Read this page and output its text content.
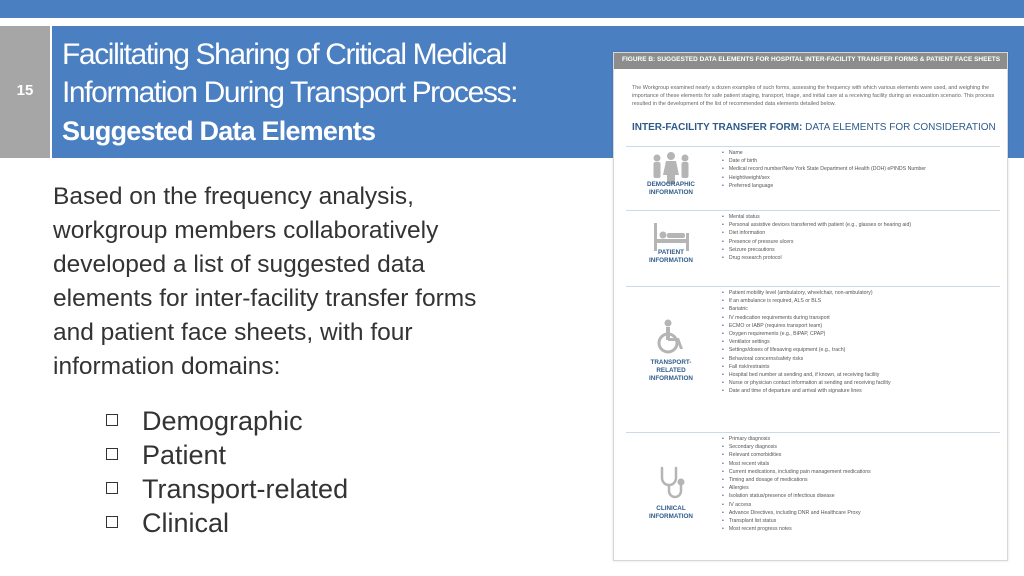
15
Facilitating Sharing of Critical Medical
Information During Transport Process:
Suggested Data Elements
Based on the frequency analysis,
workgroup members collaboratively
developed a list of suggested data
elements for inter-facility transfer forms
and patient face sheets, with four
information domains:
Demographic
Patient
Transport-related
Clinical
FIGURE B: SUGGESTED DATA ELEMENTS FOR HOSPITAL INTER-FACILITY TRANSFER FORMS & PATIENT FACE SHEETS
The Workgroup examined nearly a dozen examples of such forms, assessing the frequency with which various elements were used, and weighing the importance of these elements for safe patient staging, transport, triage, and initial care at a receiving facility during an evacuation scenario. This process resulted in the development of the list of recommended data elements detailed below.
INTER-FACILITY TRANSFER FORM: DATA ELEMENTS FOR CONSIDERATION
DEMOGRAPHIC
INFORMATION
• Name
• Date of birth
• Medical record number/New York State Department of Health (DOH) ePINDS Number
• Height/weight/sex
• Preferred language
PATIENT
INFORMATION
• Mental status
• Personal assistive devices transferred with patient (e.g., glasses or hearing aid)
• Diet information
• Presence of pressure ulcers
• Seizure precautions
• Drug research protocol
TRANSPORT-
RELATED
INFORMATION
• Patient mobility level (ambulatory, wheelchair, non-ambulatory)
• If an ambulance is required, ALS or BLS
• Bariatric
• IV medication requirements during transport
• ECMO or IABP (requires transport team)
• Oxygen requirements (e.g., BiPAP, CPAP)
• Ventilator settings
• Settings/doses of lifesaving equipment (e.g., trach)
• Behavioral concerns/safety risks
• Fall risk/restraints
• Hospital bed number at sending and, if known, at receiving facility
• Nurse or physician contact information at sending and receiving facility
• Date and time of departure and arrival with signature lines
CLINICAL
INFORMATION
• Primary diagnosis
• Secondary diagnosis
• Relevant comorbidities
• Most recent vitals
• Current medications, including pain management medications
• Timing and dosage of medications
• Allergies
• Isolation status/presence of infectious disease
• IV access
• Advance Directives, including DNR and Healthcare Proxy
• Transplant list status
• Most recent progress notes
